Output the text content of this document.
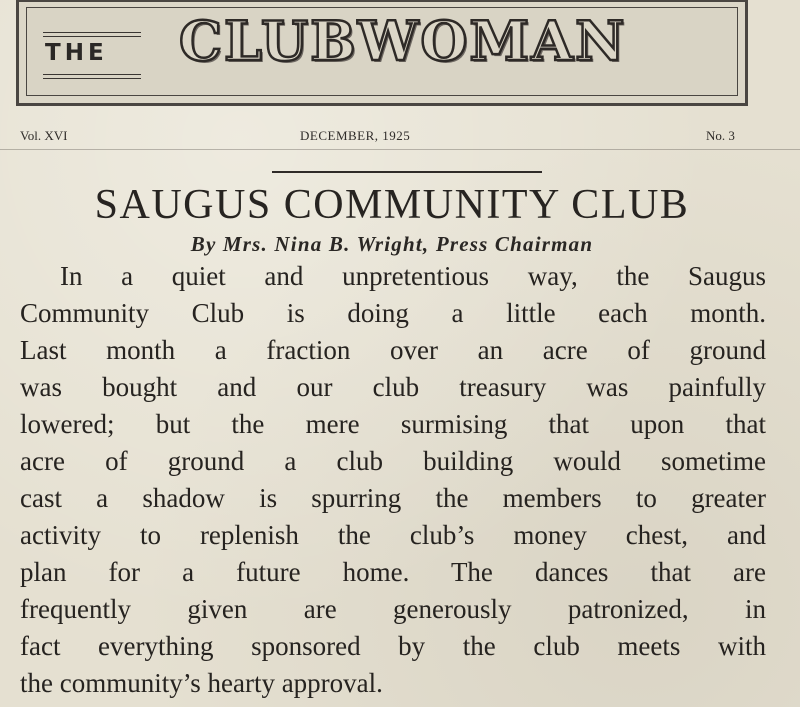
THE CLUBWOMAN
Vol. XVI	DECEMBER, 1925	No. 3
SAUGUS COMMUNITY CLUB
By Mrs. Nina B. Wright, Press Chairman
In a quiet and unpretentious way, the Saugus
Community Club is doing a little each month.
Last month a fraction over an acre of ground
was bought and our club treasury was painfully
lowered; but the mere surmising that upon that
acre of ground a club building would sometime
cast a shadow is spurring the members to greater
activity to replenish the club’s money chest, and
plan for a future home. The dances that are
frequently given are generously patronized, in
fact everything sponsored by the club meets with
the community’s hearty approval.
